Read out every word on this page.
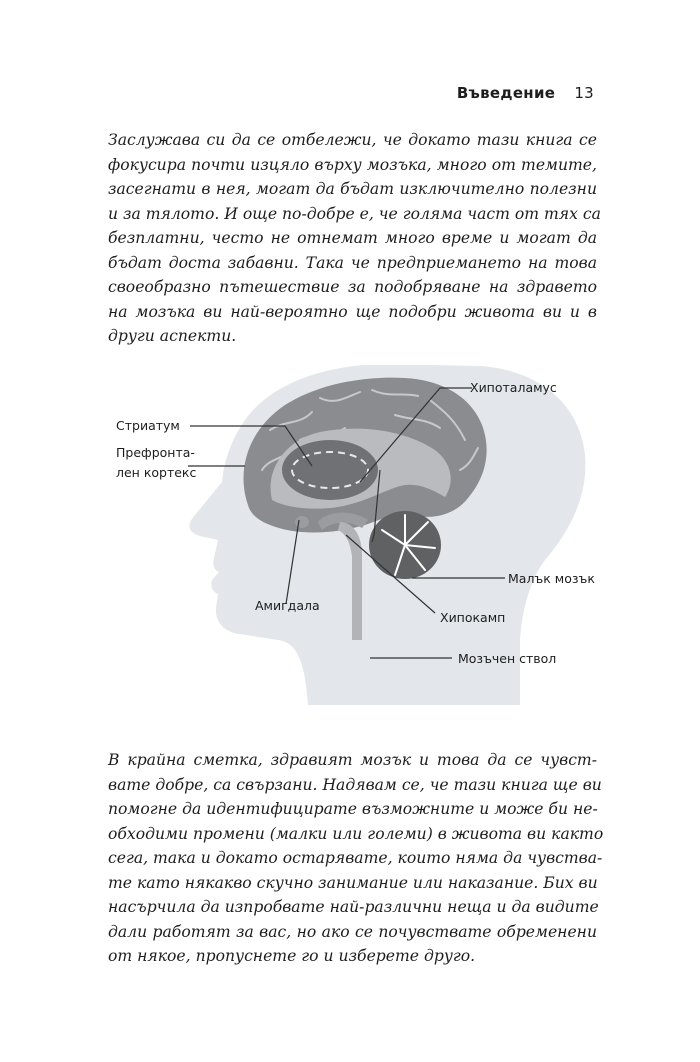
Въведение 13
Заслужава си да се отбележи, че докато тази книга се
фокусира почти изцяло върху мозъка, много от темите,
засегнати в нея, могат да бъдат изключително полезни
и за тялото. И още по-добре е, че голяма част от тях са
безплатни, често не отнемат много време и могат да
бъдат доста забавни. Така че предприемането на това
своеобразно пътешествие за подобряване на здравето
на мозъка ви най-вероятно ще подобри живота ви и в
други аспекти.
Хипоталамус
Стриатум
Префронта-
лен кортекс
Малък мозък
Амигдала
Хипокамп
Мозъчен ствол
В крайна сметка, здравият мозък и това да се чувст-
вате добре, са свързани. Надявам се, че тази книга ще ви
помогне да идентифицирате възможните и може би не-
обходими промени (малки или големи) в живота ви както
сега, така и докато остарявате, които няма да чувства-
те като някакво скучно занимание или наказание. Бих ви
насърчила да изпробвате най-различни неща и да видите
дали работят за вас, но ако се почувствате обременени
от някое, пропуснете го и изберете друго.
